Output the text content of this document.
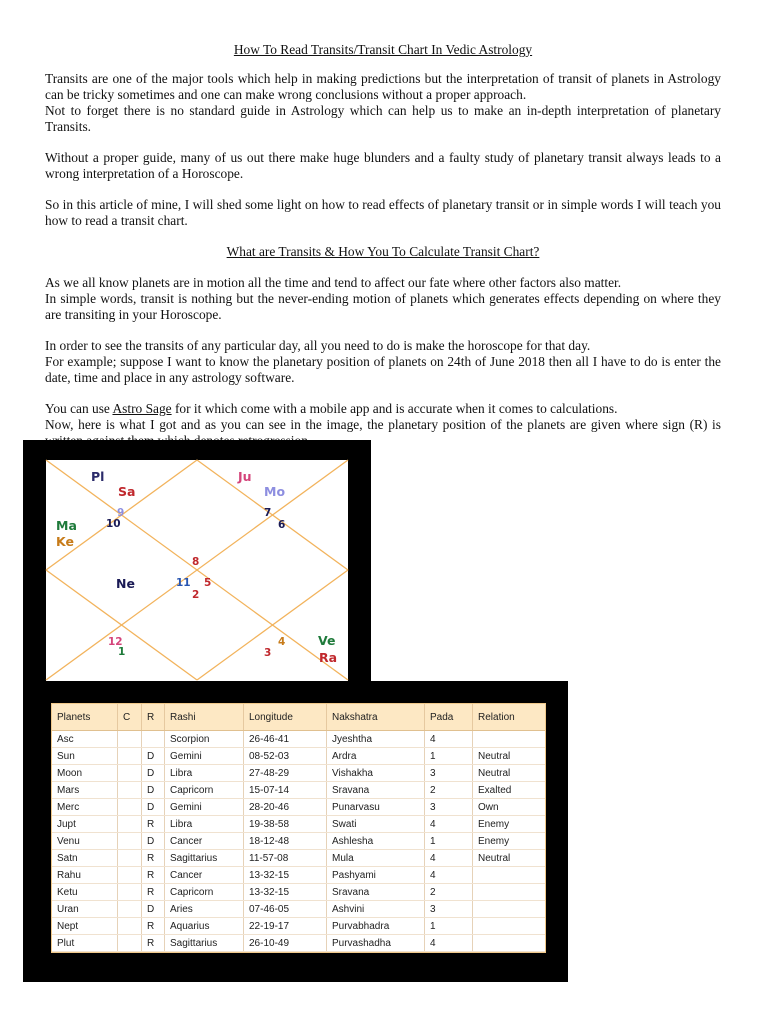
How To Read Transits/Transit Chart In Vedic Astrology

Transits are one of the major tools which help in making predictions but the interpretation of transit of planets in Astrology can be tricky sometimes and one can make wrong conclusions without a proper approach.

Not to forget there is no standard guide in Astrology which can help us to make an in-depth interpretation of planetary Transits.

Without a proper guide, many of us out there make huge blunders and a faulty study of planetary transit always leads to a wrong interpretation of a Horoscope.

So in this article of mine, I will shed some light on how to read effects of planetary transit or in simple words I will teach you how to read a transit chart.

What are Transits & How You To Calculate Transit Chart?

As we all know planets are in motion all the time and tend to affect our fate where other factors also matter.

In simple words, transit is nothing but the never-ending motion of planets which generates effects depending on where they are transiting in your Horoscope.

In order to see the transits of any particular day, all you need to do is make the horoscope for that day.

For example; suppose I want to know the planetary position of planets on 24th of June 2018 then all I have to do is enter the date, time and place in any astrology software.

You can use Astro Sage for it which come with a mobile app and is accurate when it comes to calculations.

Now, here is what I got and as you can see in the image, the planetary position of the planets are given where sign (R) is

Pl
Sa
Ju
Mo
Ma
Ke
Ne
Ve
Ra
9
10
7
6
8
11 5
2
12
1
4
3
Planets	C	R	Rashi	Longitude	Nakshatra	Pada	Relation
Asc			Scorpion	26-46-41	Jyeshtha	4	
Sun		D	Gemini	08-52-03	Ardra	1	Neutral
Moon		D	Libra	27-48-29	Vishakha	3	Neutral
Mars		D	Capricorn	15-07-14	Sravana	2	Exalted
Merc		D	Gemini	28-20-46	Punarvasu	3	Own
Jupt		R	Libra	19-38-58	Swati	4	Enemy
Venu		D	Cancer	18-12-48	Ashlesha	1	Enemy
Satn		R	Sagittarius	11-57-08	Mula	4	Neutral
Rahu		R	Cancer	13-32-15	Pashyami	4	
Ketu		R	Capricorn	13-32-15	Sravana	2	
Uran		D	Aries	07-46-05	Ashvini	3	
Nept		R	Aquarius	22-19-17	Purvabhadra	1	
Plut		R	Sagittarius	26-10-49	Purvashadha	4	
